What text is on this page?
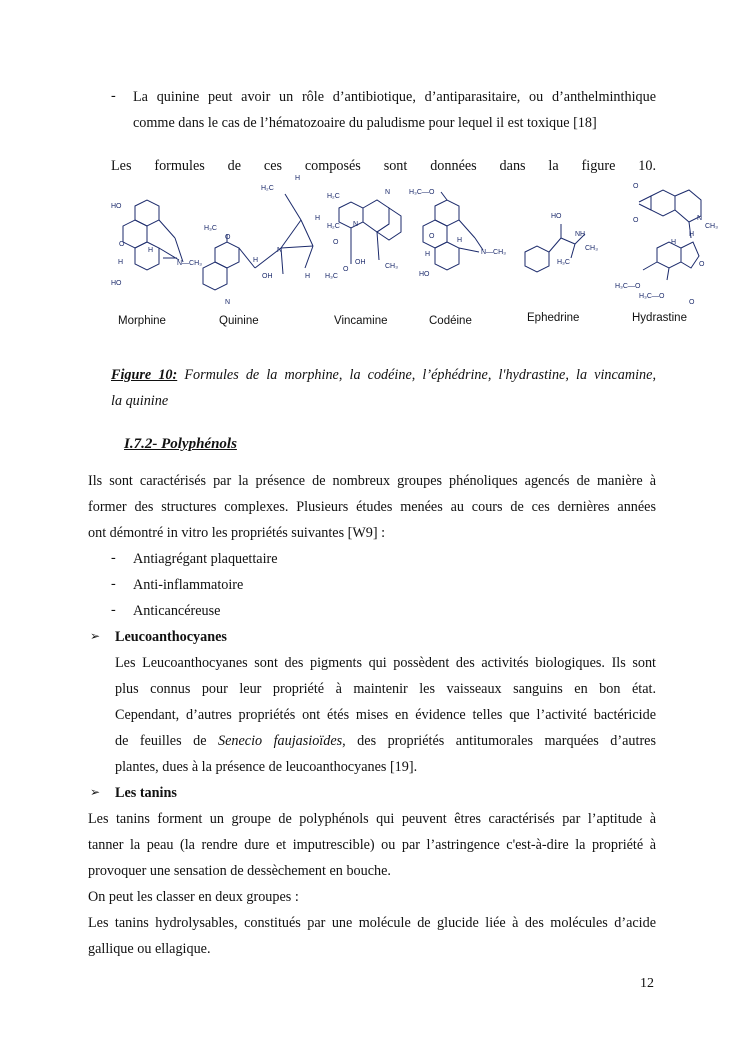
- La quinine peut avoir un rôle d’antibiotique, d’antiparasitaire, ou d’anthelminthique
comme dans le cas de l’hématozoaire du paludisme pour lequel il est toxique [18]
Les formules de ces composés sont données dans la figure 10.
HO
O
H
H	N—CH₃
HO
H₃C
O
N
OH
N
H₂C
H
H
H
H
H₂C
H₂C
N
N
O
OH
O
H₃C
CH₃
H₃C—O
O
H
H
N—CH₃
HO
HO
NH
CH₃
H₃C
O
O	N
CH₃
H
H
O
O
H₃C—O
H₃C—O
Morphine	Quinine	Vincamine	Codéine	Ephedrine	Hydrastine
Figure 10: Formules de la morphine, la codéine, l’éphédrine, l'hydrastine, la vincamine,
la quinine
I.7.2- Polyphénols
Ils sont caractérisés par la présence de nombreux groupes phénoliques agencés de manière à
former des structures complexes. Plusieurs études menées au cours de ces dernières années
ont démontré in vitro les propriétés suivantes [W9] :
- Antiagrégant plaquettaire
- Anti-inflammatoire
- Anticancéreuse
➢ Leucoanthocyanes
Les Leucoanthocyanes sont des pigments qui possèdent des activités biologiques. Ils sont
plus connus pour leur propriété à maintenir les vaisseaux sanguins en bon état.
Cependant, d’autres propriétés ont étés mises en évidence telles que l’activité bactéricide
de feuilles de Senecio faujasioïdes, des propriétés antitumorales marquées d’autres
plantes, dues à la présence de leucoanthocyanes [19].
➢ Les tanins
Les tanins forment un groupe de polyphénols qui peuvent êtres caractérisés par l’aptitude à
tanner la peau (la rendre dure et imputrescible) ou par l’astringence c'est-à-dire la propriété à
provoquer une sensation de dessèchement en bouche.
On peut les classer en deux groupes :
Les tanins hydrolysables, constitués par une molécule de glucide liée à des molécules d’acide
gallique ou ellagique.
12
